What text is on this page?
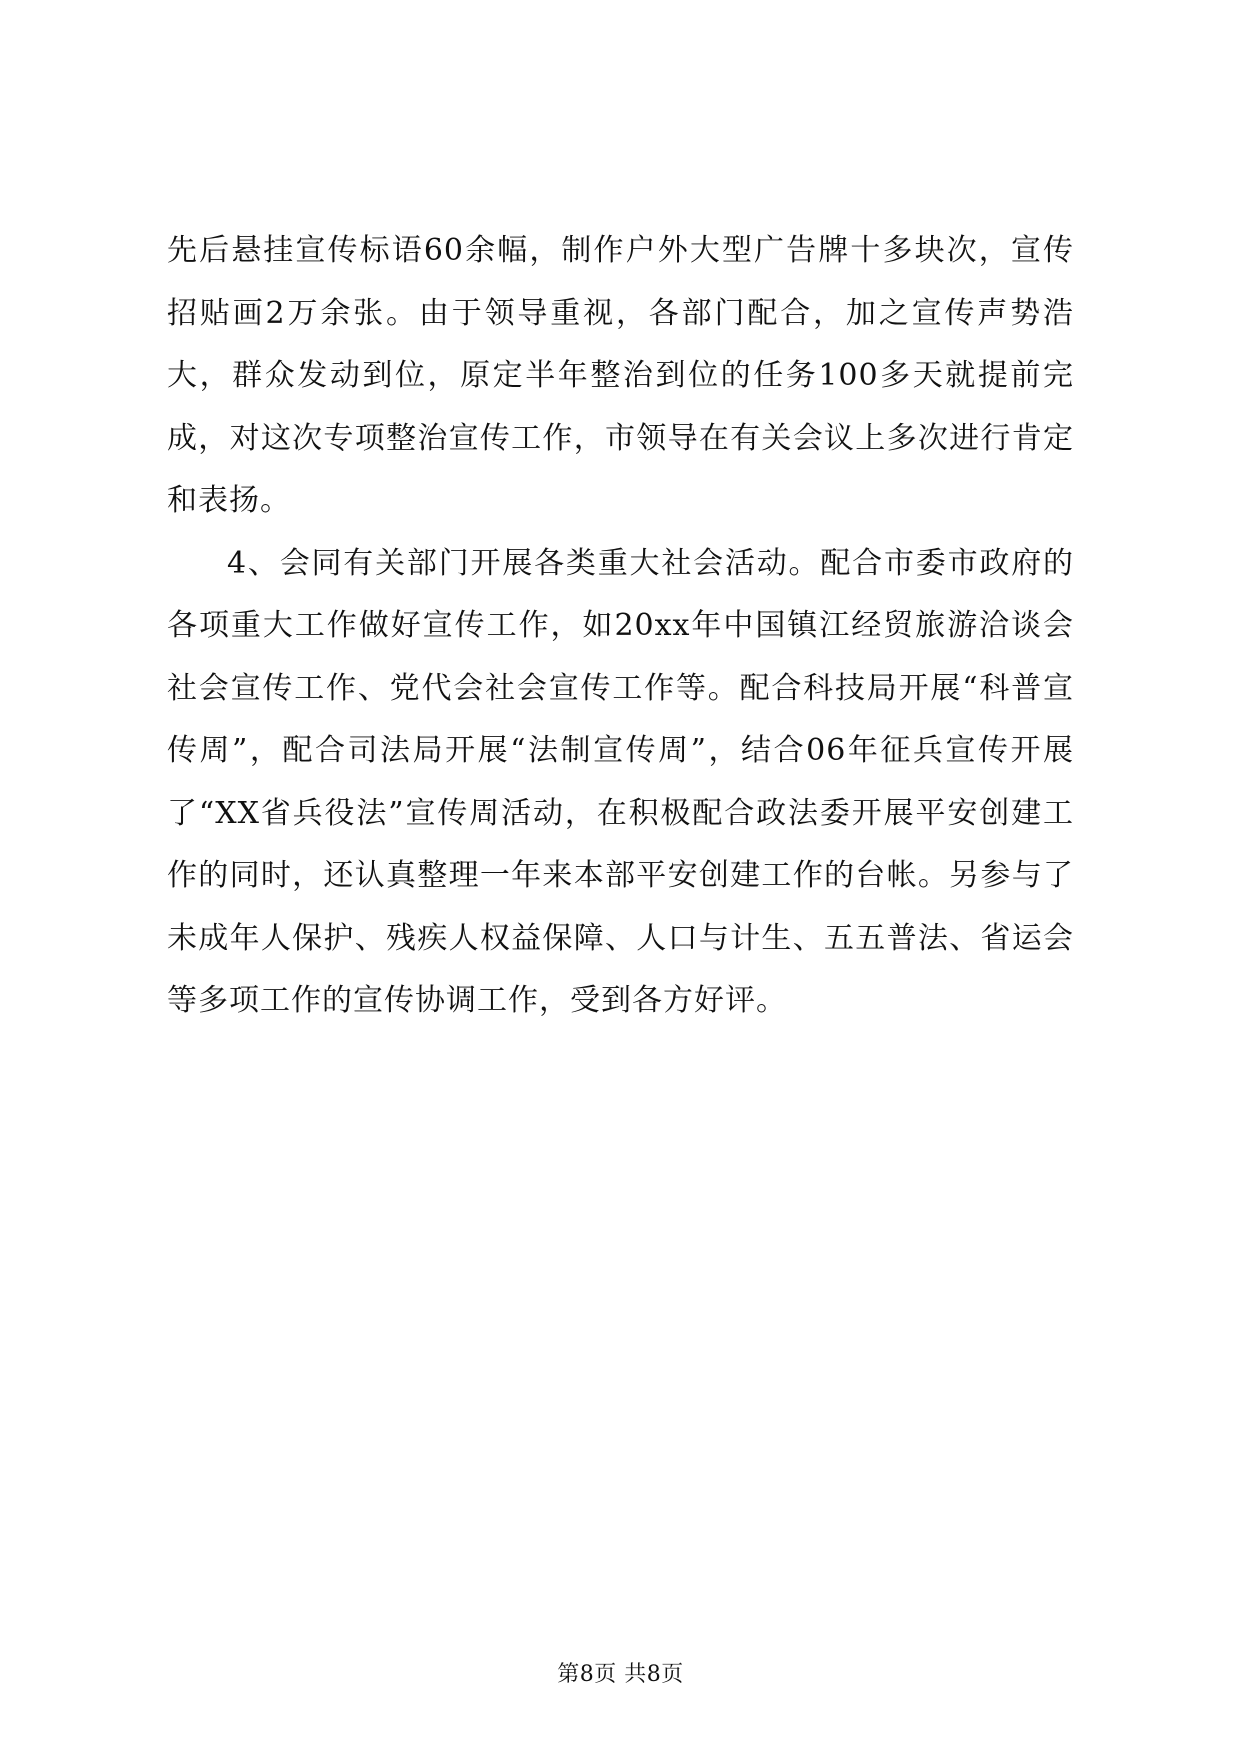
先后悬挂宣传标语60余幅，制作户外大型广告牌十多块次，宣传招贴画2万余张。由于领导重视，各部门配合，加之宣传声势浩大，群众发动到位，原定半年整治到位的任务100多天就提前完成，对这次专项整治宣传工作，市领导在有关会议上多次进行肯定和表扬。

4、会同有关部门开展各类重大社会活动。配合市委市政府的各项重大工作做好宣传工作，如20xx年中国镇江经贸旅游洽谈会社会宣传工作、党代会社会宣传工作等。配合科技局开展“科普宣传周”，配合司法局开展“法制宣传周”，结合06年征兵宣传开展了“XX省兵役法”宣传周活动，在积极配合政法委开展平安创建工作的同时，还认真整理一年来本部平安创建工作的台帐。另参与了未成年人保护、残疾人权益保障、人口与计生、五五普法、省运会等多项工作的宣传协调工作，受到各方好评。

第8页 共8页
